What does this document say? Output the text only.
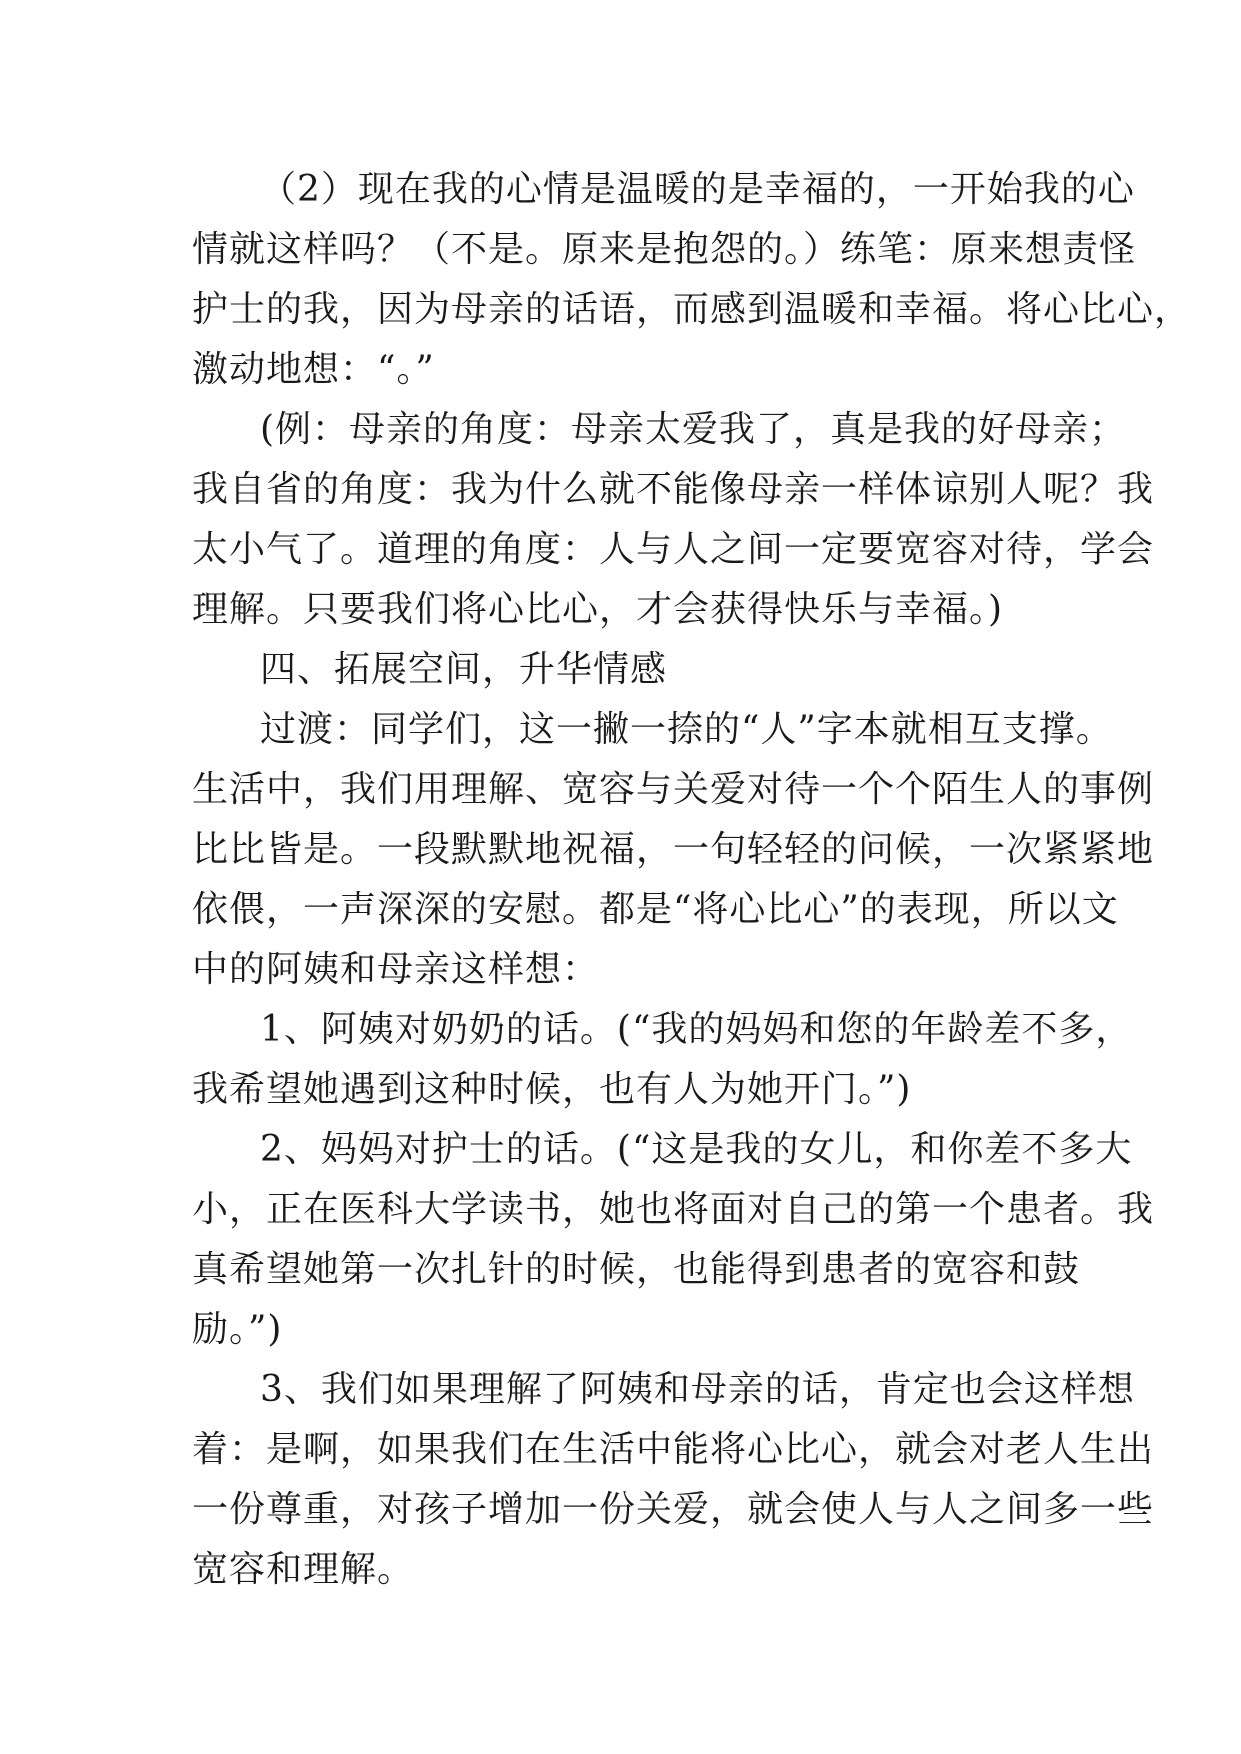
（2）现在我的心情是温暖的是幸福的，一开始我的心
情就这样吗？（不是。原来是抱怨的。）练笔：原来想责怪
护士的我，因为母亲的话语，而感到温暖和幸福。将心比心，
激动地想：“。”
(例：母亲的角度：母亲太爱我了，真是我的好母亲；
我自省的角度：我为什么就不能像母亲一样体谅别人呢？我
太小气了。道理的角度：人与人之间一定要宽容对待，学会
理解。只要我们将心比心，才会获得快乐与幸福。)
四、拓展空间，升华情感
过渡：同学们，这一撇一捺的“人”字本就相互支撑。
生活中，我们用理解、宽容与关爱对待一个个陌生人的事例
比比皆是。一段默默地祝福，一句轻轻的问候，一次紧紧地
依偎，一声深深的安慰。都是“将心比心”的表现，所以文
中的阿姨和母亲这样想：
1、阿姨对奶奶的话。(“我的妈妈和您的年龄差不多，
我希望她遇到这种时候，也有人为她开门。”)
2、妈妈对护士的话。(“这是我的女儿，和你差不多大
小，正在医科大学读书，她也将面对自己的第一个患者。我
真希望她第一次扎针的时候，也能得到患者的宽容和鼓
励。”)
3、我们如果理解了阿姨和母亲的话，肯定也会这样想
着：是啊，如果我们在生活中能将心比心，就会对老人生出
一份尊重，对孩子增加一份关爱，就会使人与人之间多一些
宽容和理解。
